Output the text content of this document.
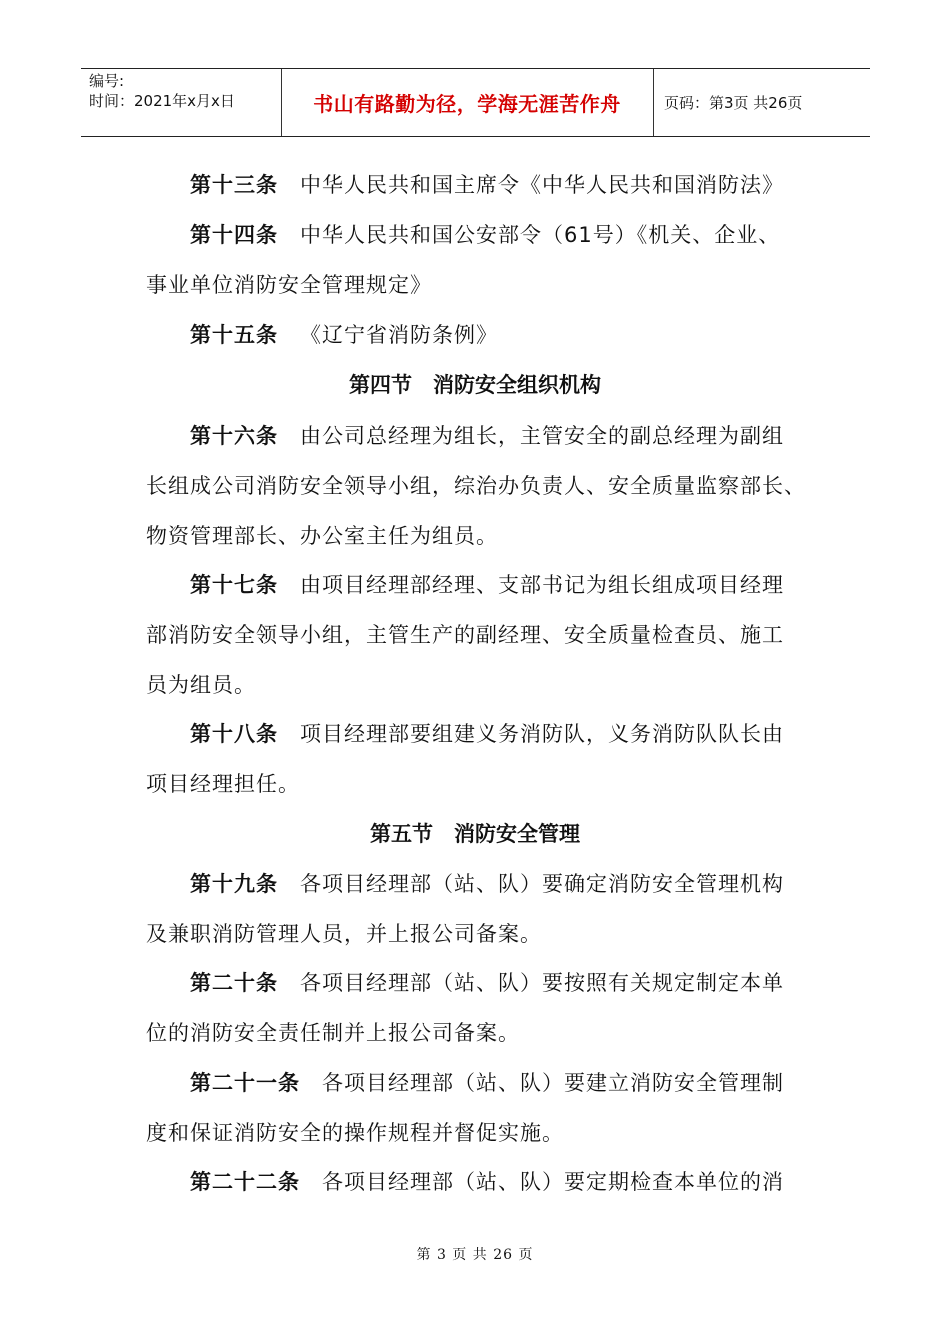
编号:
时间：2021年x月x日	书山有路勤为径，学海无涯苦作舟	页码：第3页 共26页
第十三条 中华人民共和国主席令《中华人民共和国消防法》
第十四条 中华人民共和国公安部令（61号）《机关、企业、
事业单位消防安全管理规定》
第十五条 《辽宁省消防条例》
第四节　消防安全组织机构
第十六条 由公司总经理为组长，主管安全的副总经理为副组
长组成公司消防安全领导小组，综治办负责人、安全质量监察部长、
物资管理部长、办公室主任为组员。
第十七条 由项目经理部经理、支部书记为组长组成项目经理
部消防安全领导小组，主管生产的副经理、安全质量检查员、施工
员为组员。
第十八条 项目经理部要组建义务消防队，义务消防队队长由
项目经理担任。
第五节　消防安全管理
第十九条 各项目经理部（站、队）要确定消防安全管理机构
及兼职消防管理人员，并上报公司备案。
第二十条 各项目经理部（站、队）要按照有关规定制定本单
位的消防安全责任制并上报公司备案。
第二十一条 各项目经理部（站、队）要建立消防安全管理制
度和保证消防安全的操作规程并督促实施。
第二十二条 各项目经理部（站、队）要定期检查本单位的消
第 3 页 共 26 页
